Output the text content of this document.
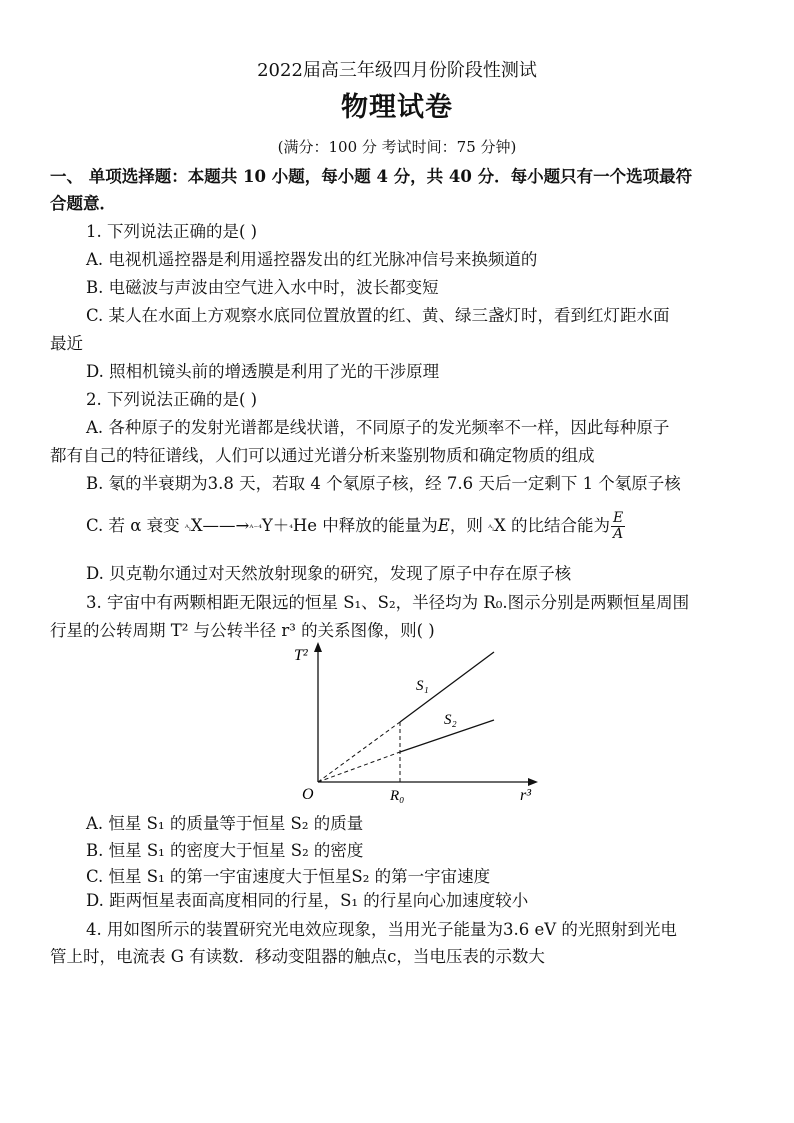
2022届高三年级四月份阶段性测试
物理试卷
(满分：100 分 考试时间：75 分钟)
一、 单项选择题：本题共 10 小题，每小题 4 分，共 40 分．每小题只有一个选项最符
合题意．
1. 下列说法正确的是( )
A. 电视机遥控器是利用遥控器发出的红光脉冲信号来换频道的
B. 电磁波与声波由空气进入水中时，波长都变短
C. 某人在水面上方观察水底同位置放置的红、黄、绿三盏灯时，看到红灯距水面
最近
D. 照相机镜头前的增透膜是利用了光的干涉原理
2. 下列说法正确的是( )
A. 各种原子的发射光谱都是线状谱，不同原子的发光频率不一样，因此每种原子
都有自己的特征谱线，人们可以通过光谱分析来鉴别物质和确定物质的组成
B. 氡的半衰期为3.8 天，若取 4 个氡原子核，经 7.6 天后一定剩下 1 个氡原子核
C. 若 α 衰变 ᴬᵢX——→ᴬ⁻⁴Y＋⁴He 中释放的能量为E，则 ᴬᵢX 的比结合能为 $\frac{E}{A}$
D. 贝克勒尔通过对天然放射现象的研究，发现了原子中存在原子核
3. 宇宙中有两颗相距无限远的恒星 S₁、S₂，半径均为 R₀.图示分别是两颗恒星周围
行星的公转周期 T² 与公转半径 r³ 的关系图像，则( )
T²
r³
O	R₀
S₁
S₂
A. 恒星 S₁ 的质量等于恒星 S₂ 的质量
B. 恒星 S₁ 的密度大于恒星 S₂ 的密度
C. 恒星 S₁ 的第一宇宙速度大于恒星S₂ 的第一宇宙速度
D. 距两恒星表面高度相同的行星，S₁ 的行星向心加速度较小
4. 用如图所示的装置研究光电效应现象，当用光子能量为3.6 eV 的光照射到光电
管上时，电流表 G 有读数．移动变阻器的触点c，当电压表的示数大
